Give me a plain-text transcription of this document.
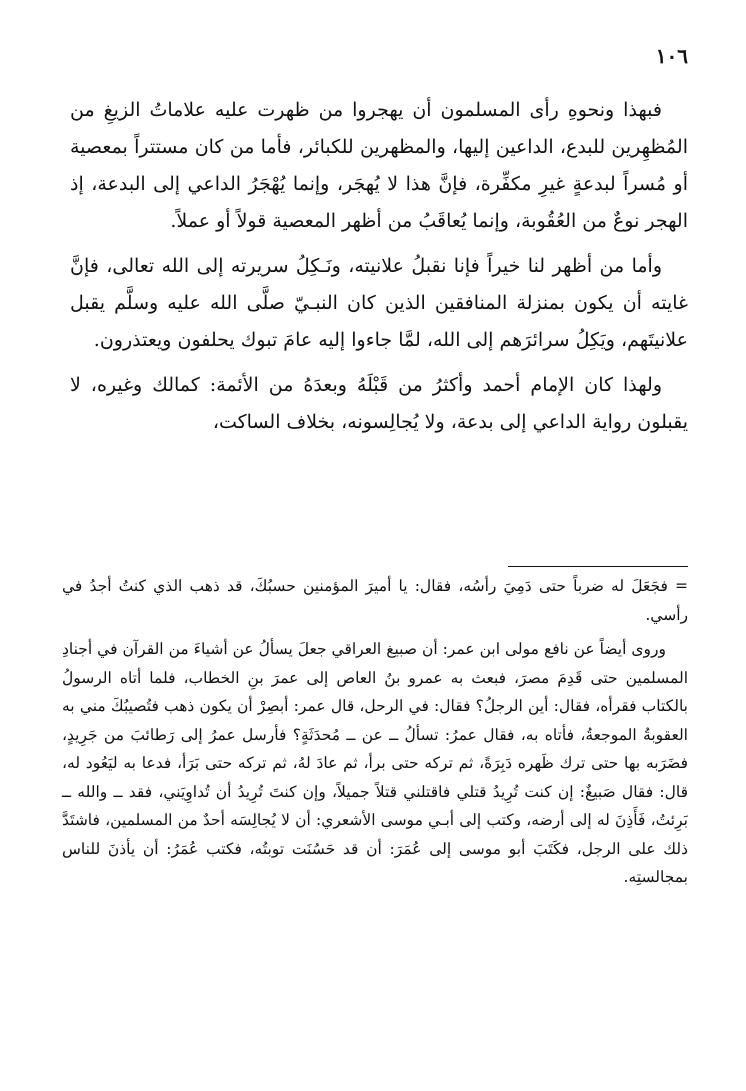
١٠٦

فبهذا ونحوهِ رأى المسلمون أن يهجروا من ظهرت عليه علاماتُ الزيغِ من المُظهِرين للبدع، الداعين إليها، والمظهرين للكبائر، فأما من كان مستتراً بمعصية أو مُسراً لبدعةٍ غيرِ مكفِّرة، فإنَّ هذا لا يُهجَر، وإنما يُهْجَرُ الداعي إلى البدعة، إذ الهجر نوعٌ من العُقُوبة، وإنما يُعاقَبُ من أظهر المعصية قولاً أو عملاً.

وأما من أظهر لنا خيراً فإنا نقبلُ علانيته، ونَـكِلُ سريرته إلى الله تعالى، فإنَّ غايته أن يكون بمنزلة المنافقين الذين كان النبـيّ صلَّى الله عليه وسلَّم يقبل علانيتَهم، ويَكِلُ سرائرَهم إلى الله، لمَّا جاءوا إليه عامَ تبوك يحلفون ويعتذرون.

ولهذا كان الإمام أحمد وأكثرُ من قَبْلَهُ وبعدَهُ من الأئمة: كمالك وغيره، لا يقبلون رواية الداعي إلى بدعة، ولا يُجالِسونه، بخلاف الساكت،

= فجَعَلَ له ضرباً حتى دَمِيَ رأسُه، فقال: يا أميرَ المؤمنين حسبُكَ، قد ذهب الذي كنتُ أجدُ في رأسي.

وروى أيضاً عن نافع مولى ابن عمر: أن صبيغ العراقي جعلَ يسألُ عن أشياءَ من القرآن في أجنادِ المسلمين حتى قَدِمَ مصرَ، فبعث به عمرو بنُ العاص إلى عمرَ بنِ الخطاب، فلما أتاه الرسولُ بالكتاب فقرأه، فقال: أين الرجلُ؟ فقال: في الرحل، قال عمر: أبصِرْ أن يكون ذهب فتُصيبُكَ مني به العقوبةُ الموجعةُ، فأتاه به، فقال عمرُ: تسألُ ــ عن ــ مُحدَثَةٍ؟ فأرسل عمرُ إلى رَطائبَ من جَرِيدٍ، فضَرَبه بها حتى ترك ظَهره دَبِرَةً، ثم تركه حتى برأ، ثم عادَ لهُ، ثم تركه حتى بَرَأ، فدعا به ليَعُود له، قال: فقال صَبيغٌ: إن كنت تُرِيدُ قتلي فاقتلني قتلاً جميلاً، وإن كنتَ تُرِيدُ أن تُداوِيَني، فقد ــ والله ــ بَرِئتُ، فَأَذِنَ له إلى أرضه، وكتب إلى أبـي موسى الأشعري: أن لا يُجالِسَه أحدٌ من المسلمين، فاشتَدَّ ذلك على الرجل، فكَتَبَ أبو موسى إلى عُمَرَ: أن قد حَسُنَت توبتُه، فكتب عُمَرُ: أن يأذنَ للناس بمجالستِه.
